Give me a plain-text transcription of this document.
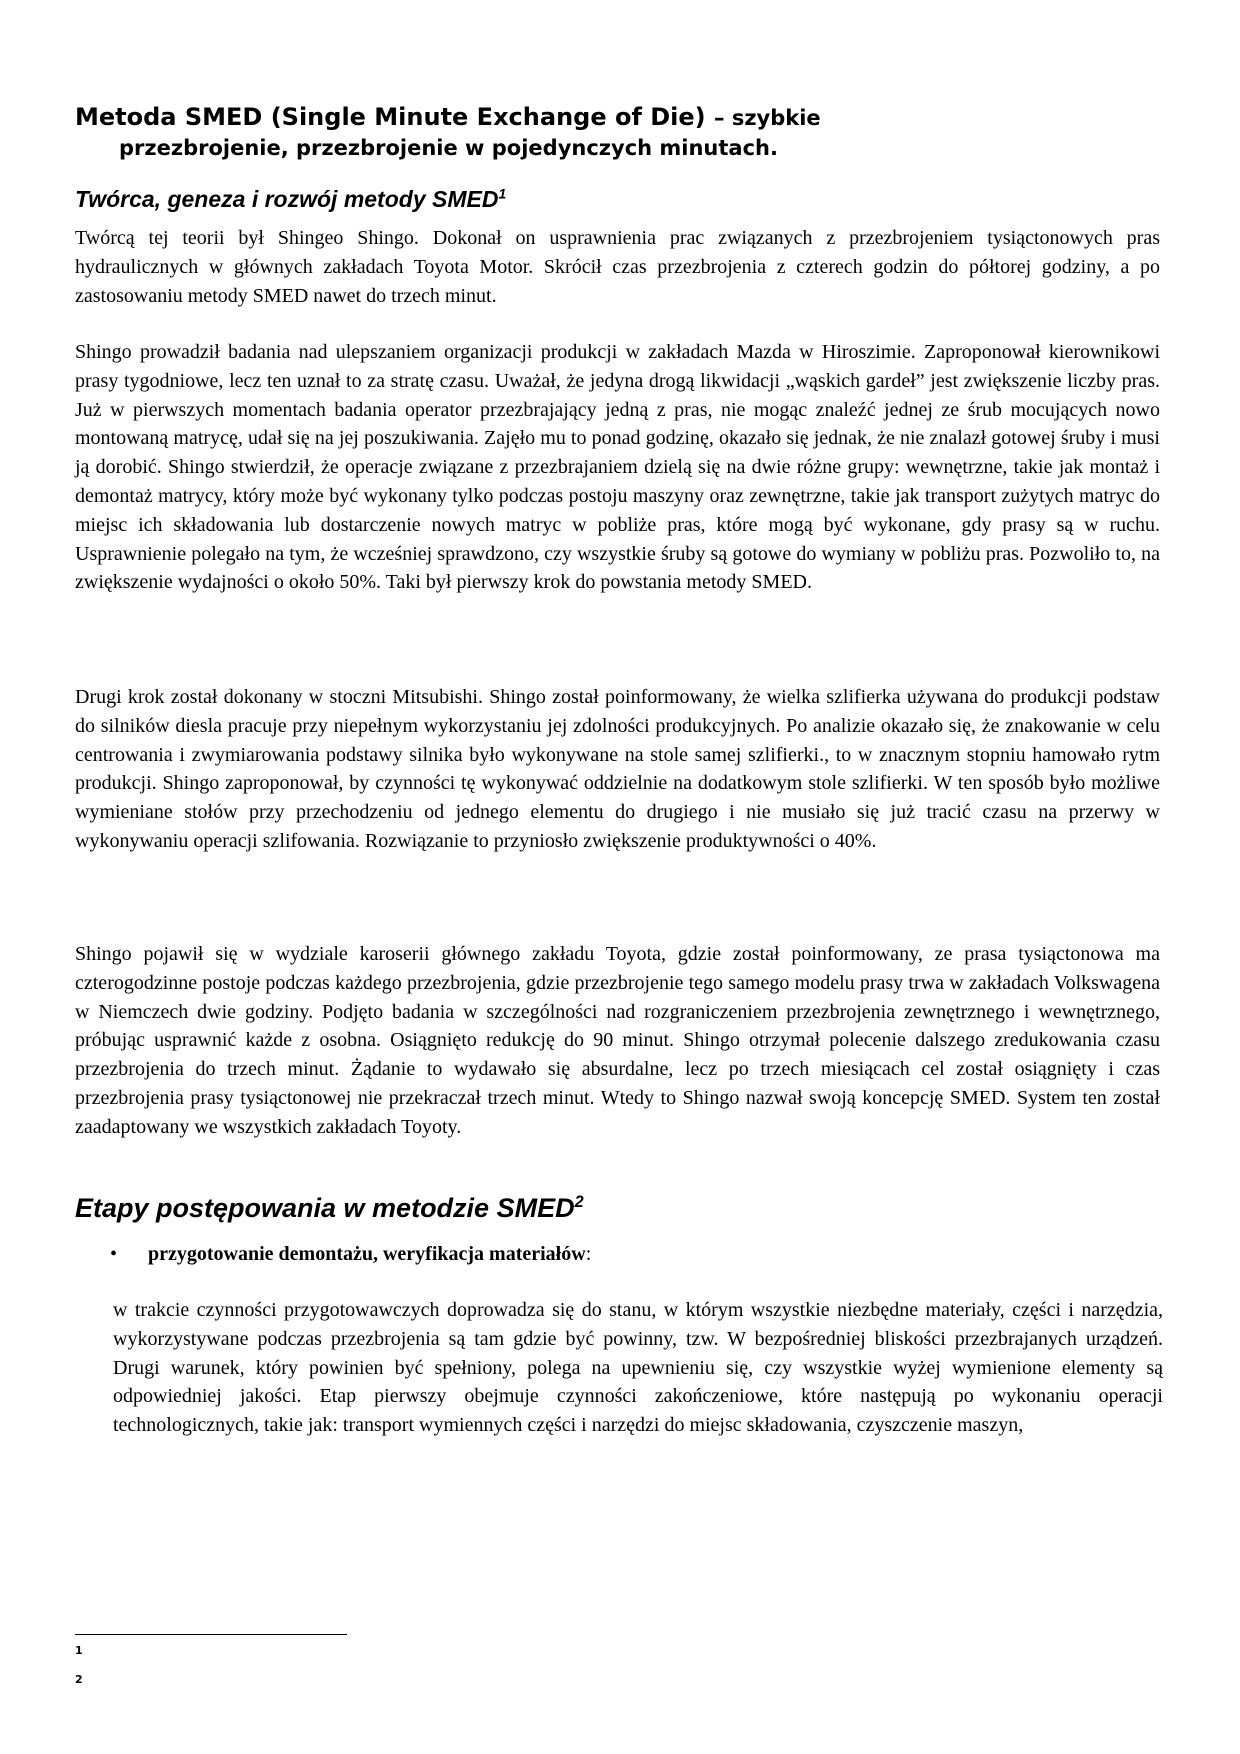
Metoda SMED (Single Minute Exchange of Die) – szybkie
przezbrojenie, przezbrojenie w pojedynczych minutach.
Twórca, geneza i rozwój metody SMED$^1$

Twórcą tej teorii był Shingeo Shingo. Dokonał on usprawnienia prac związanych z przezbrojeniem tysiąctonowych pras hydraulicznych w głównych zakładach Toyota Motor. Skrócił czas przezbrojenia z czterech godzin do półtorej godziny, a po zastosowaniu metody SMED nawet do trzech minut.

Shingo prowadził badania nad ulepszaniem organizacji produkcji w zakładach Mazda w Hiroszimie. Zaproponował kierownikowi prasy tygodniowe, lecz ten uznał to za stratę czasu. Uważał, że jedyna drogą likwidacji „wąskich gardeł” jest zwiększenie liczby pras. Już w pierwszych momentach badania operator przezbrajający jedną z pras, nie mogąc znaleźć jednej ze śrub mocujących nowo montowaną matrycę, udał się na jej poszukiwania. Zajęło mu to ponad godzinę, okazało się jednak, że nie znalazł gotowej śruby i musi ją dorobić. Shingo stwierdził, że operacje związane z przezbrajaniem dzielą się na dwie różne grupy: wewnętrzne, takie jak montaż i demontaż matrycy, który może być wykonany tylko podczas postoju maszyny oraz zewnętrzne, takie jak transport zużytych matryc do miejsc ich składowania lub dostarczenie nowych matryc w pobliże pras, które mogą być wykonane, gdy prasy są w ruchu. Usprawnienie polegało na tym, że wcześniej sprawdzono, czy wszystkie śruby są gotowe do wymiany w pobliżu pras. Pozwoliło to, na zwiększenie wydajności o około 50%. Taki był pierwszy krok do powstania metody SMED.

Drugi krok został dokonany w stoczni Mitsubishi. Shingo został poinformowany, że wielka szlifierka używana do produkcji podstaw do silników diesla pracuje przy niepełnym wykorzystaniu jej zdolności produkcyjnych. Po analizie okazało się, że znakowanie w celu centrowania i zwymiarowania podstawy silnika było wykonywane na stole samej szlifierki., to w znacznym stopniu hamowało rytm produkcji. Shingo zaproponował, by czynności tę wykonywać oddzielnie na dodatkowym stole szlifierki. W ten sposób było możliwe wymieniane stołów przy przechodzeniu od jednego elementu do drugiego i nie musiało się już tracić czasu na przerwy w wykonywaniu operacji szlifowania. Rozwiązanie to przyniosło zwiększenie produktywności o 40%.

Shingo pojawił się w wydziale karoserii głównego zakładu Toyota, gdzie został poinformowany, ze prasa tysiąctonowa ma czterogodzinne postoje podczas każdego przezbrojenia, gdzie przezbrojenie tego samego modelu prasy trwa w zakładach Volkswagena w Niemczech dwie godziny. Podjęto badania w szczególności nad rozgraniczeniem przezbrojenia zewnętrznego i wewnętrznego, próbując usprawnić każde z osobna. Osiągnięto redukcję do 90 minut. Shingo otrzymał polecenie dalszego zredukowania czasu przezbrojenia do trzech minut. Żądanie to wydawało się absurdalne, lecz po trzech miesiącach cel został osiągnięty i czas przezbrojenia prasy tysiąctonowej nie przekraczał trzech minut. Wtedy to Shingo nazwał swoją koncepcję SMED. System ten został zaadaptowany we wszystkich zakładach Toyoty.

Etapy postępowania w metodzie SMED$^2$
• przygotowanie demontażu, weryfikacja materiałów:

w trakcie czynności przygotowawczych doprowadza się do stanu, w którym wszystkie niezbędne materiały, części i narzędzia, wykorzystywane podczas przezbrojenia są tam gdzie być powinny, tzw. W bezpośredniej bliskości przezbrajanych urządzeń. Drugi warunek, który powinien być spełniony, polega na upewnieniu się, czy wszystkie wyżej wymienione elementy są odpowiedniej jakości. Etap pierwszy obejmuje czynności zakończeniowe, które następują po wykonaniu operacji technologicznych, takie jak: transport wymiennych części i narzędzi do miejsc składowania, czyszczenie maszyn,

1
2
